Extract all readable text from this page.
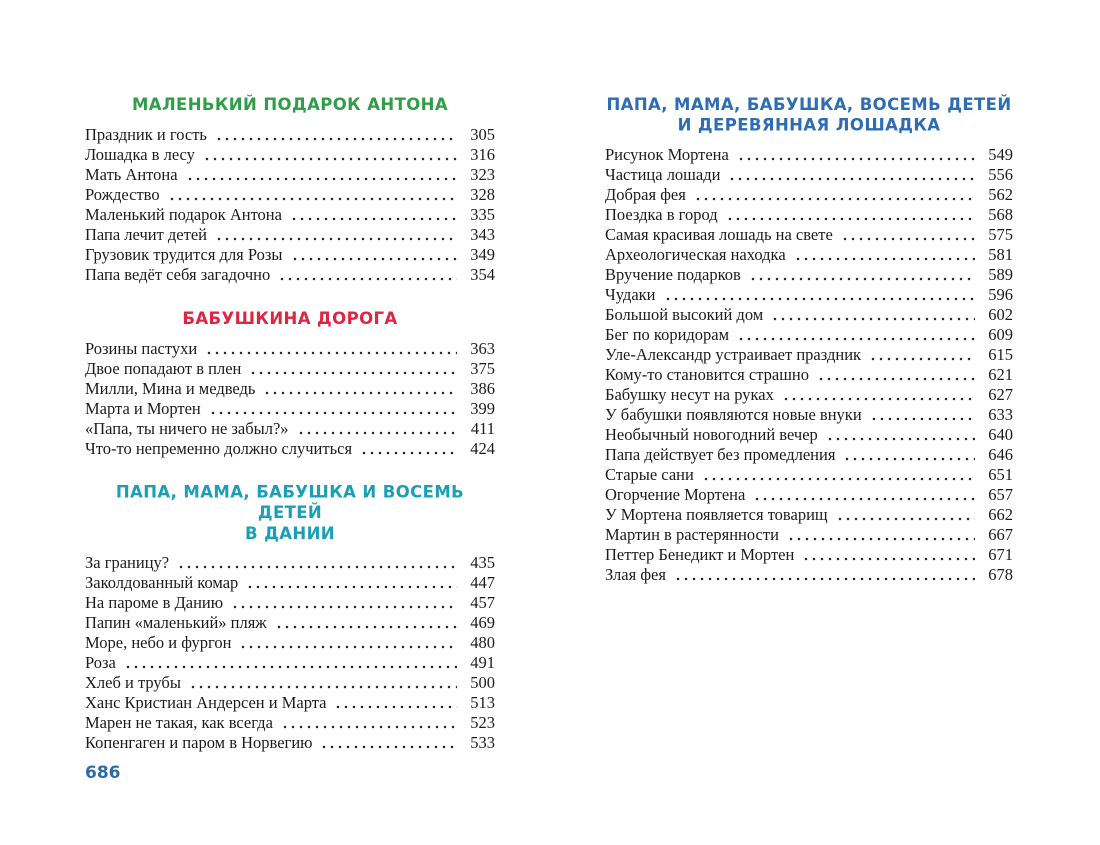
МАЛЕНЬКИЙ ПОДАРОК АНТОНА
Праздник и гость	305
Лошадка в лесу	316
Мать Антона	323
Рождество	328
Маленький подарок Антона	335
Папа лечит детей	343
Грузовик трудится для Розы	349
Папа ведёт себя загадочно	354
БАБУШКИНА ДОРОГА
Розины пастухи	363
Двое попадают в плен	375
Милли, Мина и медведь	386
Марта и Мортен	399
«Папа, ты ничего не забыл?»	411
Что-то непременно должно случиться	424
ПАПА, МАМА, БАБУШКА И ВОСЕМЬ ДЕТЕЙ
В ДАНИИ
За границу?	435
Заколдованный комар	447
На пароме в Данию	457
Папин «маленький» пляж	469
Море, небо и фургон	480
Роза	491
Хлеб и трубы	500
Ханс Кристиан Андерсен и Марта	513
Марен не такая, как всегда	523
Копенгаген и паром в Норвегию	533
ПАПА, МАМА, БАБУШКА, ВОСЕМЬ ДЕТЕЙ
И ДЕРЕВЯННАЯ ЛОШАДКА
Рисунок Мортена	549
Частица лошади	556
Добрая фея	562
Поездка в город	568
Самая красивая лошадь на свете	575
Археологическая находка	581
Вручение подарков	589
Чудаки	596
Большой высокий дом	602
Бег по коридорам	609
Уле-Александр устраивает праздник	615
Кому-то становится страшно	621
Бабушку несут на руках	627
У бабушки появляются новые внуки	633
Необычный новогодний вечер	640
Папа действует без промедления	646
Старые сани	651
Огорчение Мортена	657
У Мортена появляется товарищ	662
Мартин в растерянности	667
Петтер Бенедикт и Мортен	671
Злая фея	678
686
